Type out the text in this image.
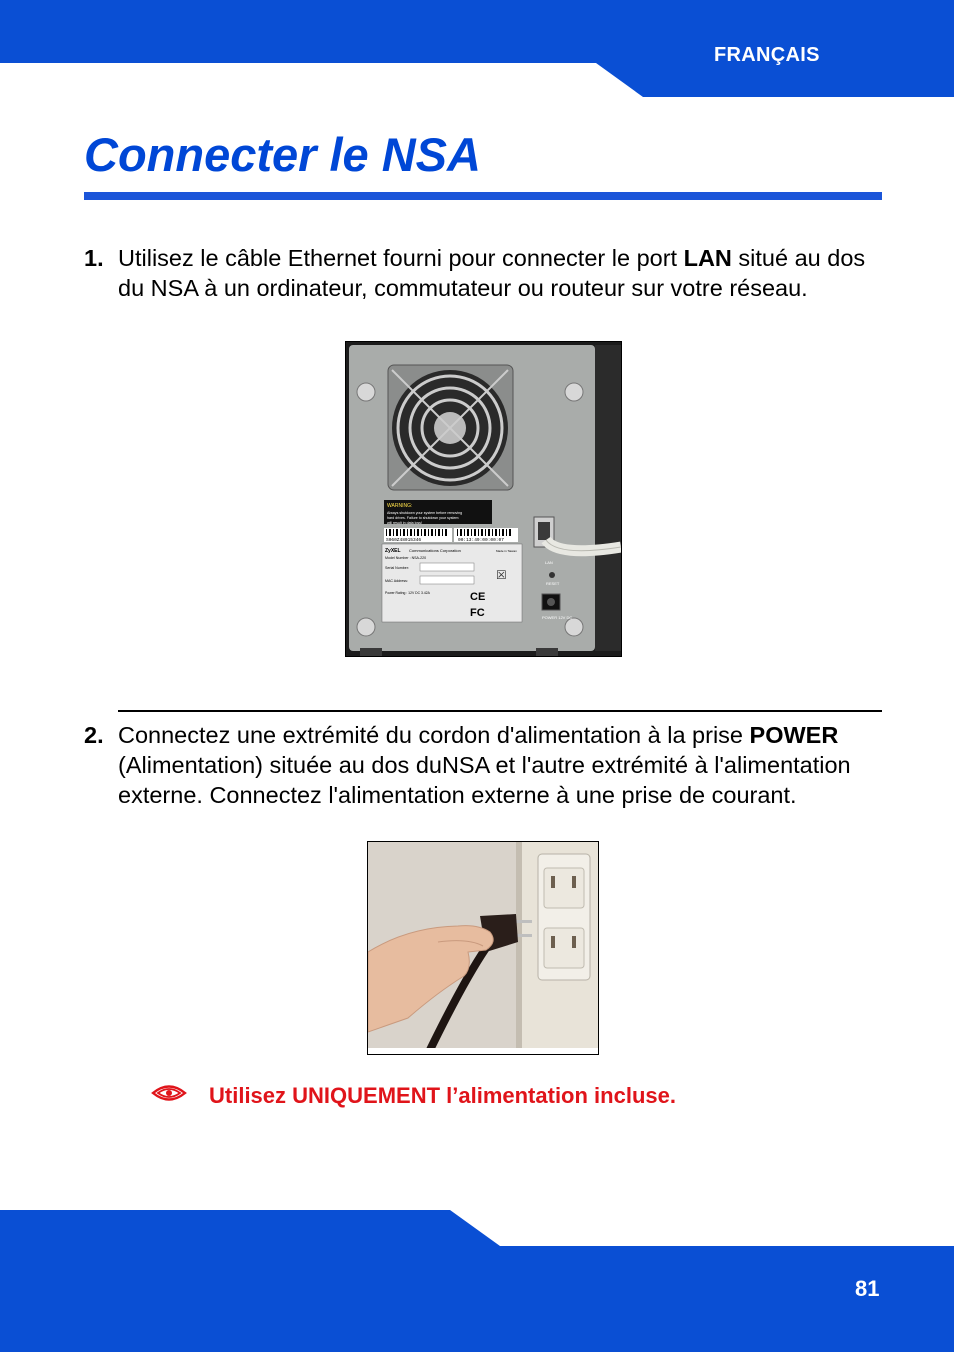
FRANÇAIS
Connecter le NSA
1. Utilisez le câble Ethernet fourni pour connecter le port LAN situé au dos du NSA à un ordinateur, commutateur ou routeur sur votre réseau.
WARNING:
Always shutdown your system before removing
hard drives. Failure to shutdown your system
will result in data loss!
S060Z48015346	00:13:49:00:00:07
ZyXEL Communications Corporation	Made in Taiwan
Model Number : NSA-220
Serial Number:
MAC Address:	☒
Power Rating : 12V DC 3.42A	CE
FC
LAN
RESET
POWER 12V DC
2. Connectez une extrémité du cordon d'alimentation à la prise POWER (Alimentation) située au dos duNSA et l'autre extrémité à l'alimentation externe. Connectez l'alimentation externe à une prise de courant.
Utilisez UNIQUEMENT l’alimentation incluse.
81
